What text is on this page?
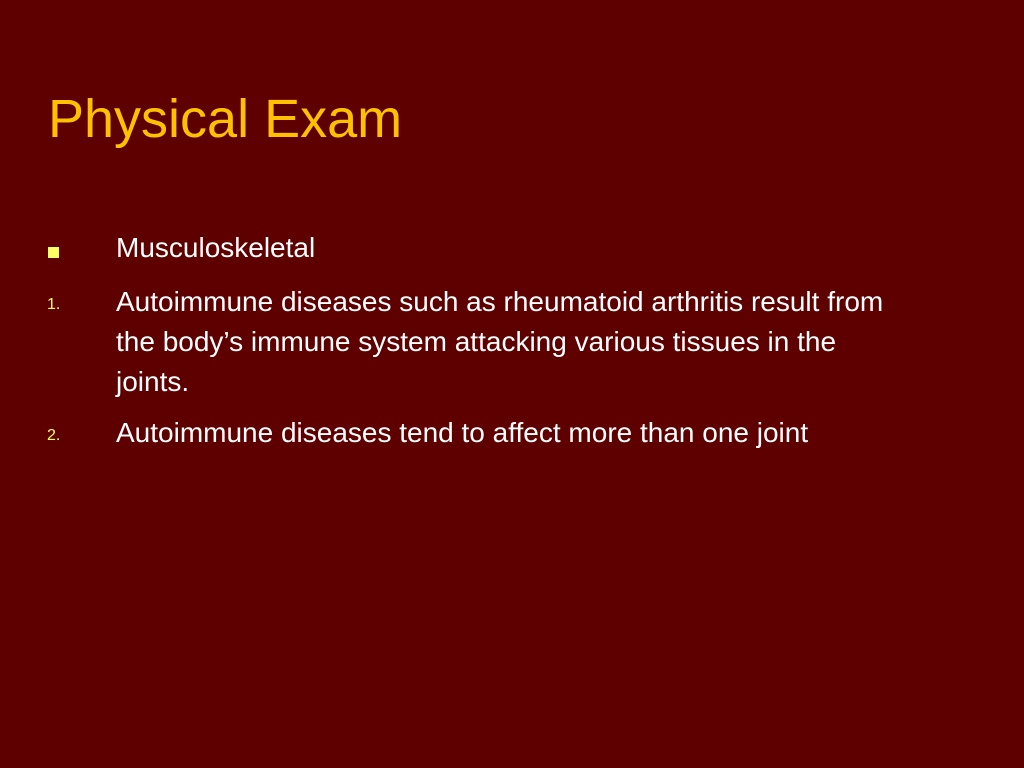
Physical Exam
Musculoskeletal
1. Autoimmune diseases such as rheumatoid arthritis result from the body’s immune system attacking various tissues in the joints.
2. Autoimmune diseases tend to affect more than one joint
